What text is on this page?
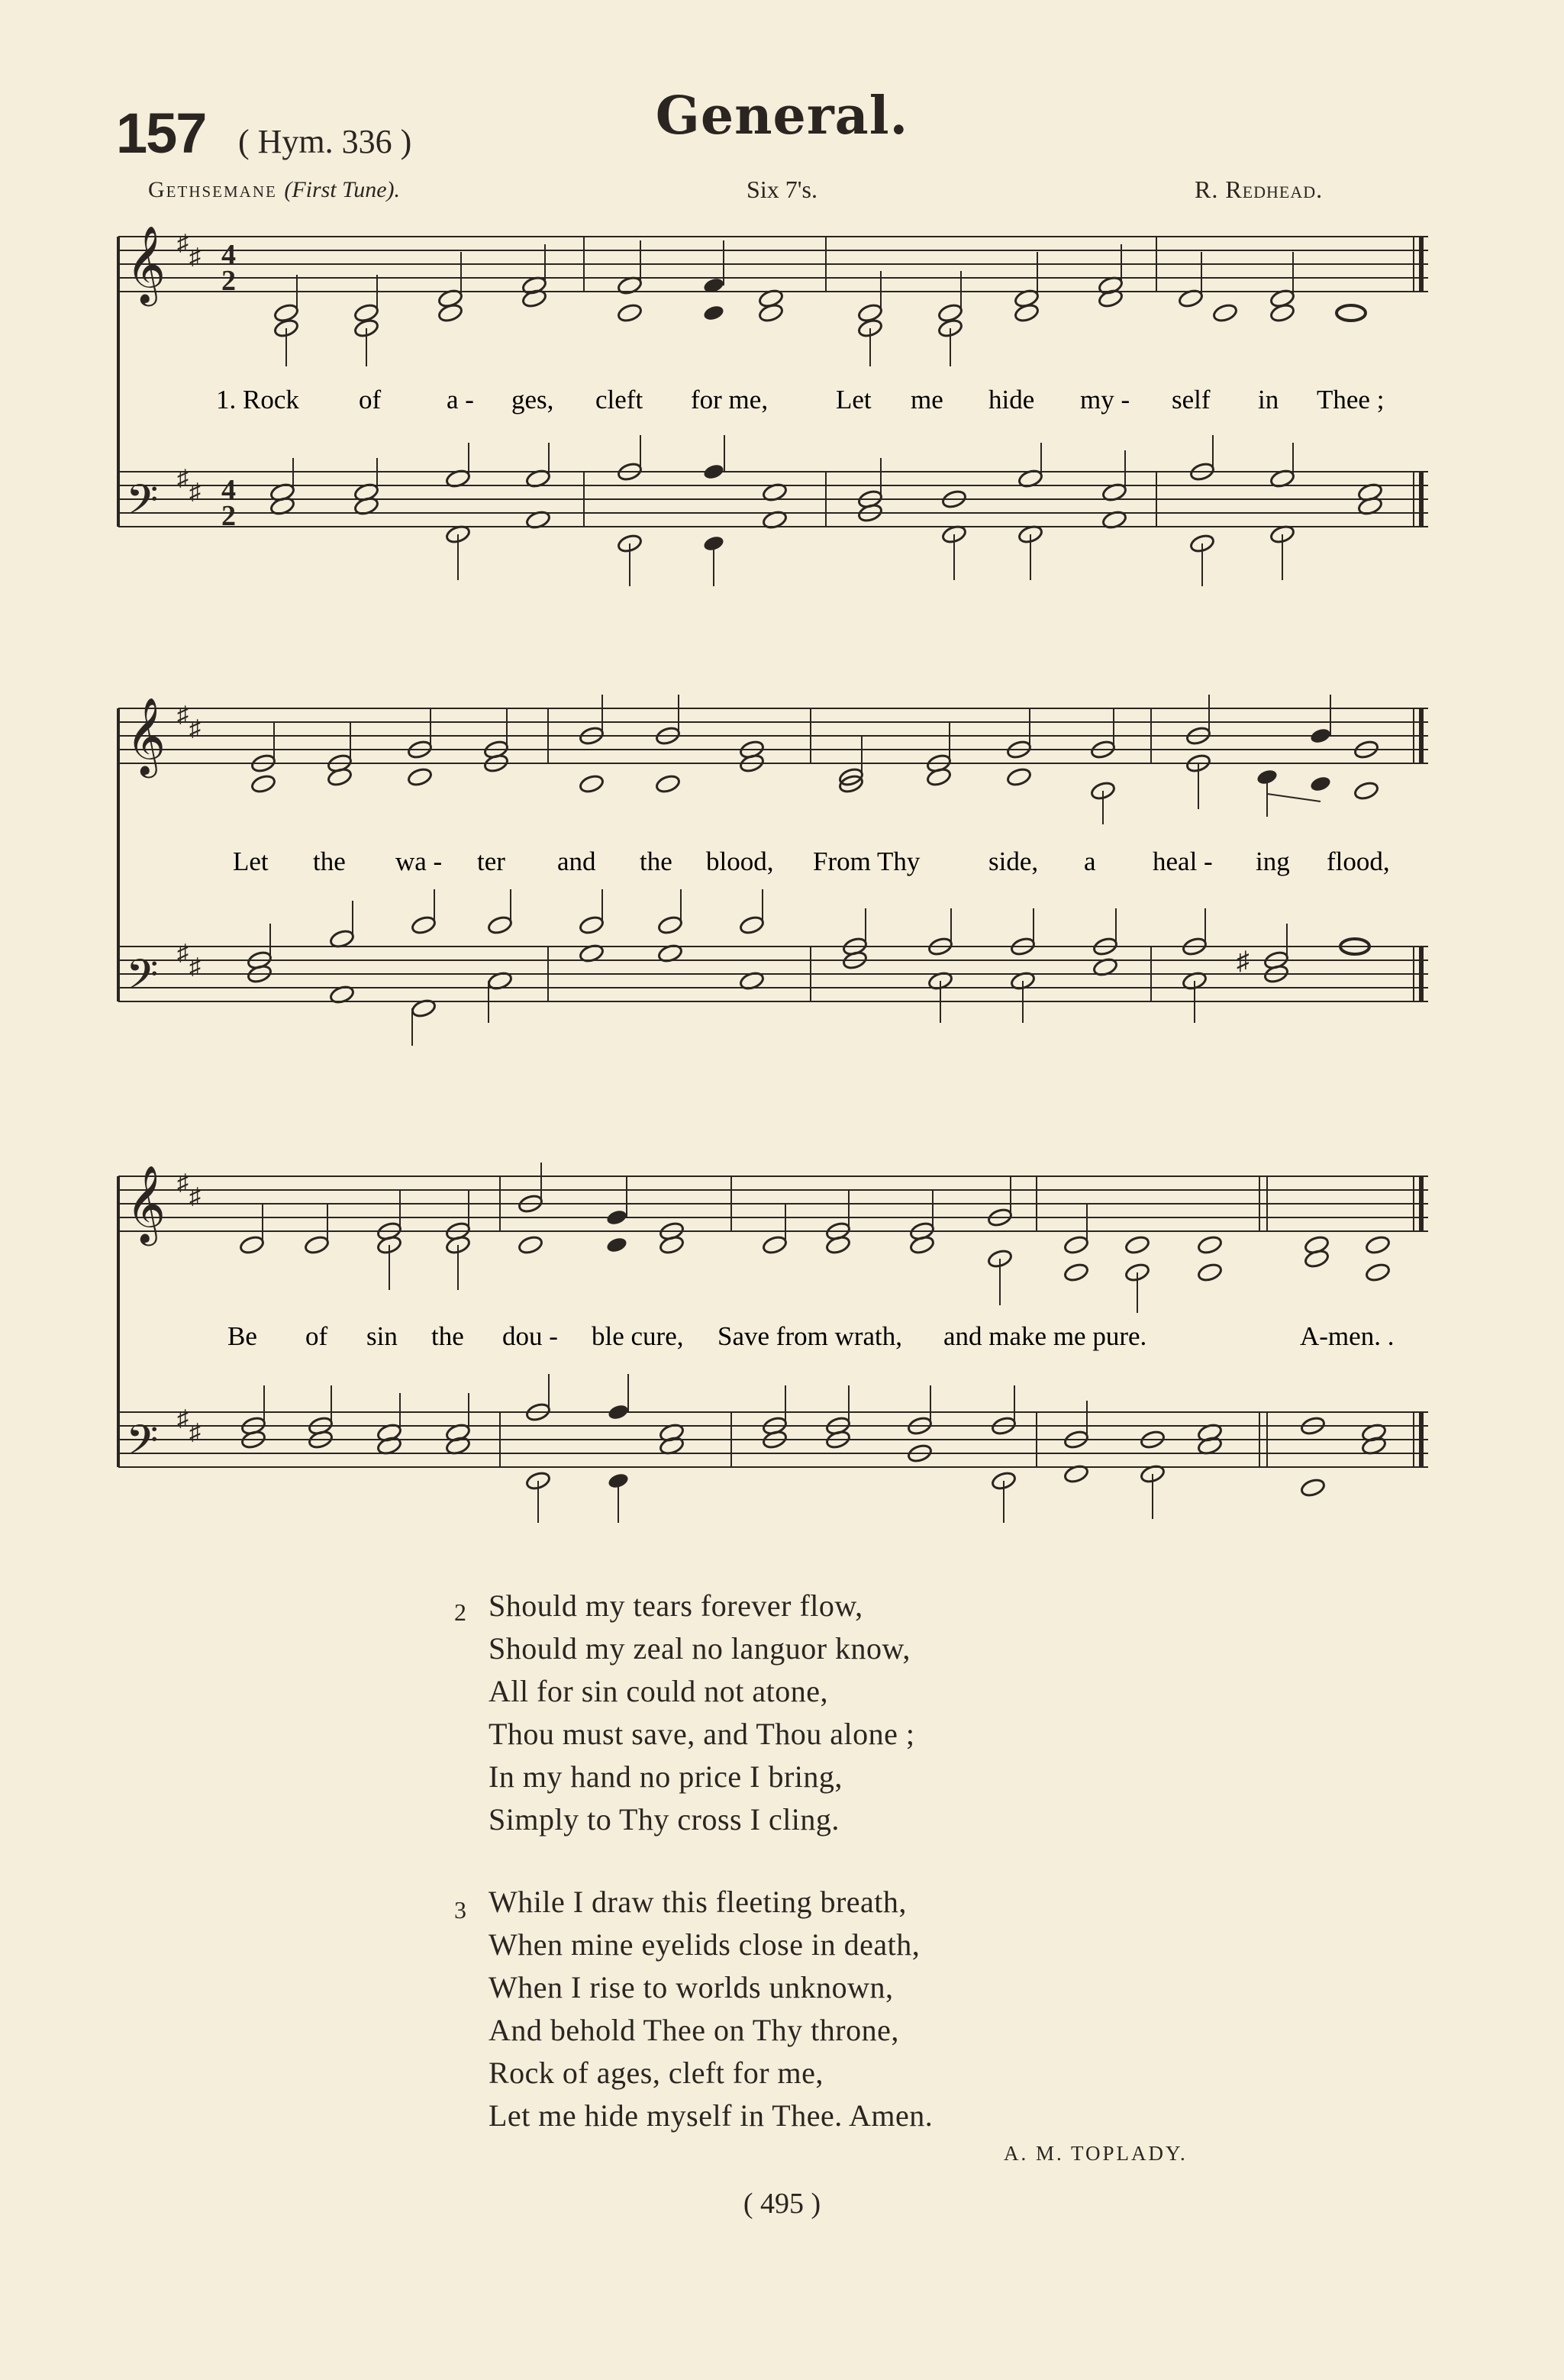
157 ( Hym. 336 )	General.
Gethsemane (First Tune).	Six 7's.	R. Redhead.
𝄞
𝄢
♯
♯
♯
♯
4
2
4
2
1. Rock of a - ges, cleft for me,	Let me hide my - self in Thee ;
𝄞
𝄢
♯
♯
♯
♯	♯
Let the wa - ter and the blood, From Thy	side, a heal - ing flood,
𝄞
𝄢
♯
♯
♯
♯
Be of sin the dou - ble cure, Save from wrath, and make me pure.	A-men. .
2 Should my tears forever flow,
Should my zeal no languor know,
All for sin could not atone,
Thou must save, and Thou alone ;
In my hand no price I bring,
Simply to Thy cross I cling.
3 While I draw this fleeting breath,
When mine eyelids close in death,
When I rise to worlds unknown,
And behold Thee on Thy throne,
Rock of ages, cleft for me,
Let me hide myself in Thee. Amen.
A. M. TOPLADY.
( 495 )
